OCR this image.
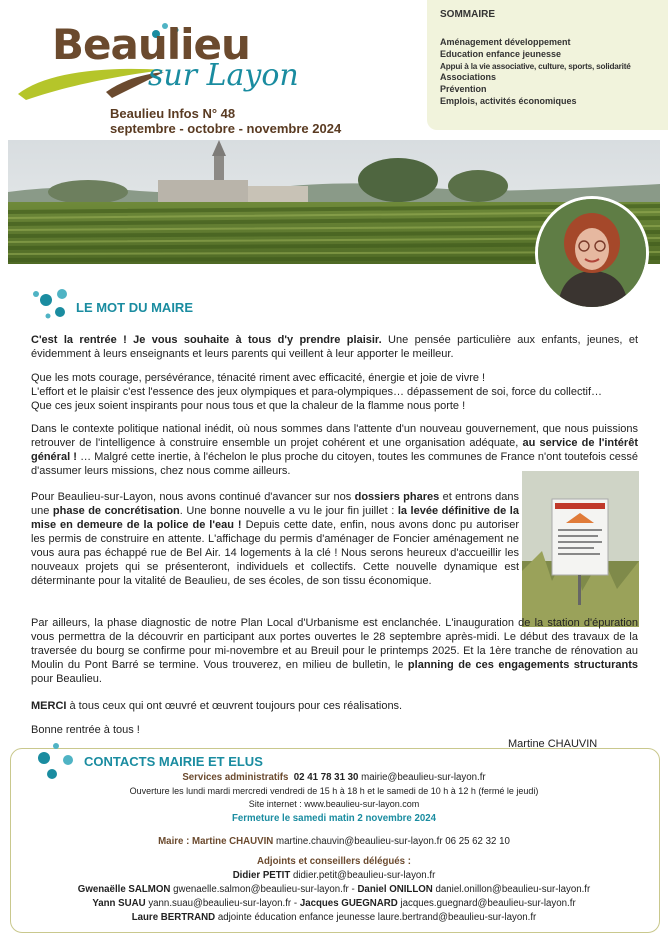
Beaulieu
sur Layon
Beaulieu Infos N° 48
septembre - octobre - novembre 2024
SOMMAIRE
Aménagement développement
Education enfance jeunesse
Appui à la vie associative, culture, sports, solidarité
Associations
Prévention
Emplois, activités économiques
LE MOT DU MAIRE

C'est la rentrée ! Je vous souhaite à tous d'y prendre plaisir. Une pensée particulière aux enfants, jeunes, et évidemment à leurs enseignants et leurs parents qui veillent à leur apporter le meilleur.

Que les mots courage, persévérance, ténacité riment avec efficacité, énergie et joie de vivre !
L'effort et le plaisir c'est l'essence des jeux olympiques et para-olympiques… dépassement de soi, force du collectif…
Que ces jeux soient inspirants pour nous tous et que la chaleur de la flamme nous porte !

Dans le contexte politique national inédit, où nous sommes dans l'attente d'un nouveau gouvernement, que nous puissions retrouver de l'intelligence à construire ensemble un projet cohérent et une organisation adéquate, au service de l'intérêt général ! … Malgré cette inertie, à l'échelon le plus proche du citoyen, toutes les communes de France n'ont toutefois cessé d'assumer leurs missions, chez nous comme ailleurs.

Pour Beaulieu-sur-Layon, nous avons continué d'avancer sur nos dossiers phares et entrons dans une phase de concrétisation. Une bonne nouvelle a vu le jour fin juillet : la levée définitive de la mise en demeure de la police de l'eau ! Depuis cette date, enfin, nous avons donc pu autoriser les permis de construire en attente. L'affichage du permis d'aménager de Foncier aménagement ne vous aura pas échappé rue de Bel Air. 14 logements à la clé ! Nous serons heureux d'accueillir les nouveaux projets qui se présenteront, individuels et collectifs. Cette nouvelle dynamique est déterminante pour la vitalité de Beaulieu, de ses écoles, de son tissu économique.

Par ailleurs, la phase diagnostic de notre Plan Local d'Urbanisme est enclanchée. L'inauguration de la station d'épuration vous permettra de la découvrir en participant aux portes ouvertes le 28 septembre après-midi. Le début des travaux de la traversée du bourg se confirme pour mi-novembre et au Breuil pour le printemps 2025. Et la 1ère tranche de rénovation au Moulin du Pont Barré se termine. Vous trouverez, en milieu de bulletin, le planning de ces engagements structurants pour Beaulieu.

MERCI à tous ceux qui ont œuvré et œuvrent toujours pour ces réalisations.

Bonne rentrée à tous !

Martine CHAUVIN
CONTACTS MAIRIE ET ELUS
Services administratifs 02 41 78 31 30 mairie@beaulieu-sur-layon.fr
Ouverture les lundi mardi mercredi vendredi de 15 h à 18 h et le samedi de 10 h à 12 h (fermé le jeudi)
Site internet : www.beaulieu-sur-layon.com
Fermeture le samedi matin 2 novembre 2024
Maire : Martine CHAUVIN martine.chauvin@beaulieu-sur-layon.fr 06 25 62 32 10
Adjoints et conseillers délégués :
Didier PETIT didier.petit@beaulieu-sur-layon.fr
Gwenaëlle SALMON gwenaelle.salmon@beaulieu-sur-layon.fr - Daniel ONILLON daniel.onillon@beaulieu-sur-layon.fr
Yann SUAU yann.suau@beaulieu-sur-layon.fr - Jacques GUEGNARD jacques.guegnard@beaulieu-sur-layon.fr
Laure BERTRAND adjointe éducation enfance jeunesse laure.bertrand@beaulieu-sur-layon.fr
